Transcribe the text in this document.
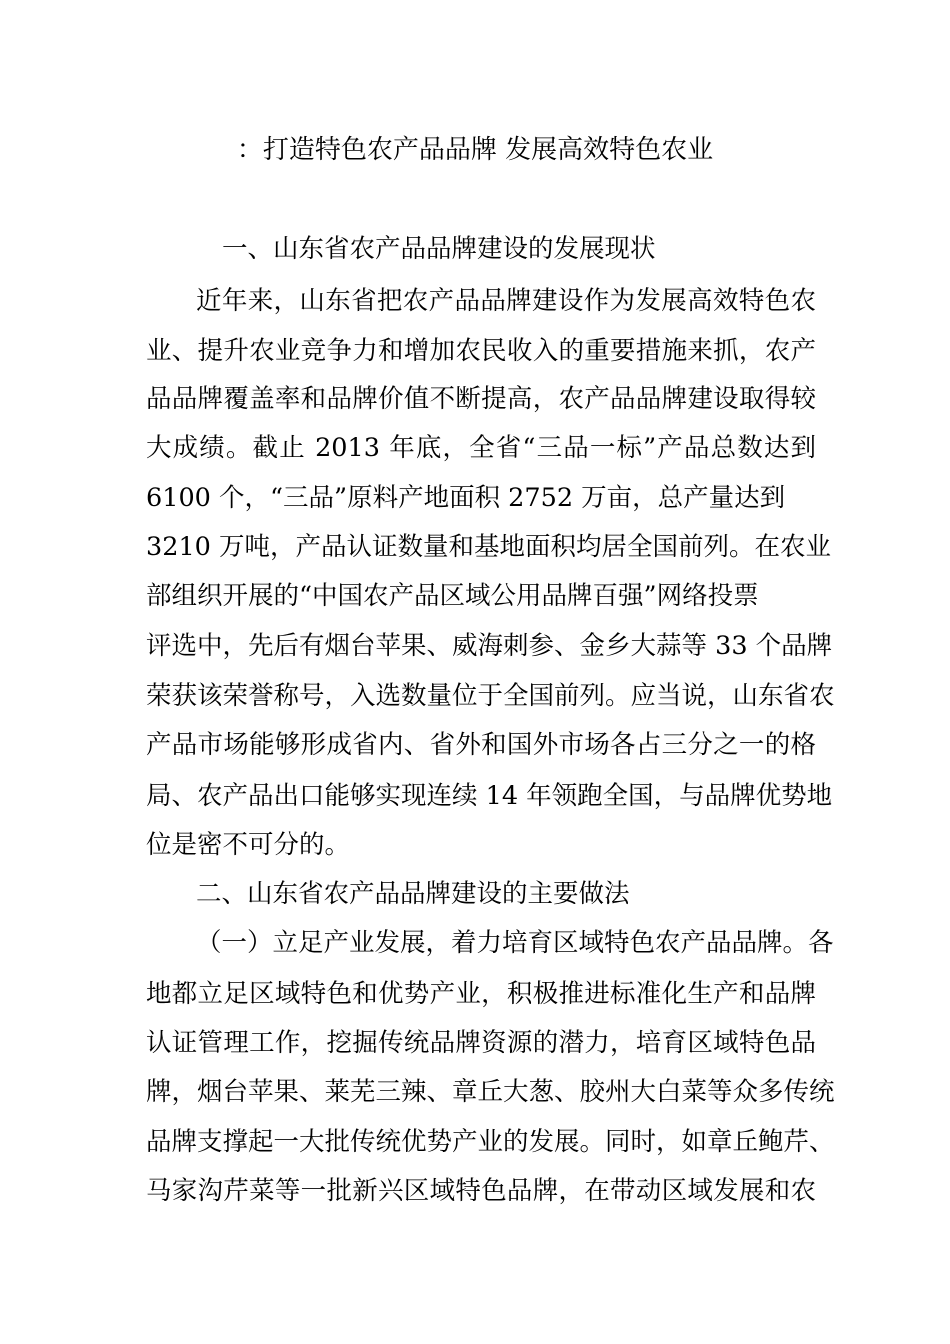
：打造特色农产品品牌 发展高效特色农业
一、山东省农产品品牌建设的发展现状
近年来，山东省把农产品品牌建设作为发展高效特色农
业、提升农业竞争力和增加农民收入的重要措施来抓，农产
品品牌覆盖率和品牌价值不断提高，农产品品牌建设取得较
大成绩。截止 2013 年底，全省“三品一标”产品总数达到
6100 个，“三品”原料产地面积 2752 万亩，总产量达到
3210 万吨，产品认证数量和基地面积均居全国前列。在农业
部组织开展的“中国农产品区域公用品牌百强”网络投票
评选中，先后有烟台苹果、威海刺参、金乡大蒜等 33 个品牌
荣获该荣誉称号，入选数量位于全国前列。应当说，山东省农
产品市场能够形成省内、省外和国外市场各占三分之一的格
局、农产品出口能够实现连续 14 年领跑全国，与品牌优势地
位是密不可分的。
二、山东省农产品品牌建设的主要做法
（一）立足产业发展，着力培育区域特色农产品品牌。各
地都立足区域特色和优势产业，积极推进标准化生产和品牌
认证管理工作，挖掘传统品牌资源的潜力，培育区域特色品
牌，烟台苹果、莱芜三辣、章丘大葱、胶州大白菜等众多传统
品牌支撑起一大批传统优势产业的发展。同时，如章丘鲍芹、
马家沟芹菜等一批新兴区域特色品牌，在带动区域发展和农
